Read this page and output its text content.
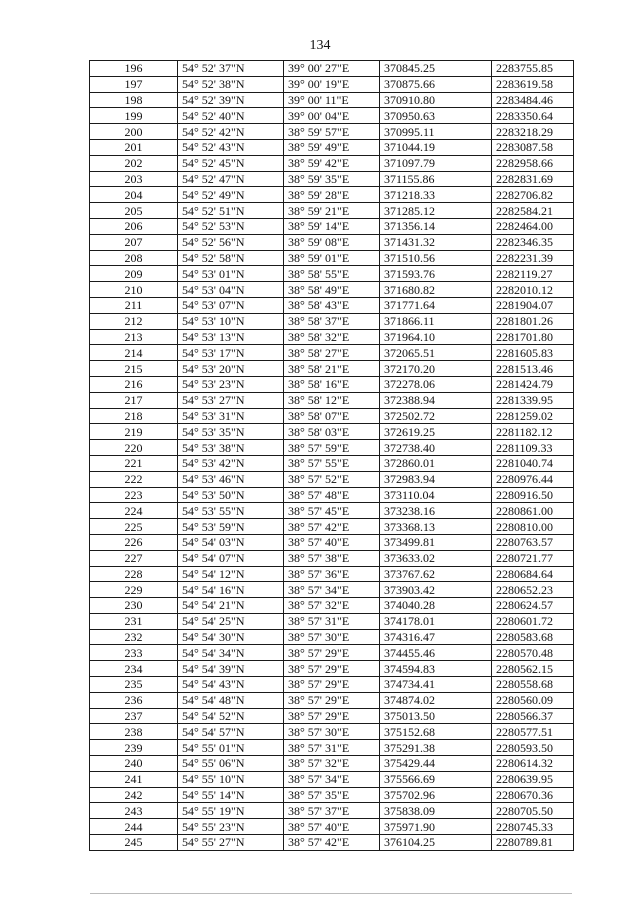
134
196	54° 52' 37"N	39° 00' 27"E	370845.25	2283755.85
197	54° 52' 38"N	39° 00' 19"E	370875.66	2283619.58
198	54° 52' 39"N	39° 00' 11"E	370910.80	2283484.46
199	54° 52' 40"N	39° 00' 04"E	370950.63	2283350.64
200	54° 52' 42"N	38° 59' 57"E	370995.11	2283218.29
201	54° 52' 43"N	38° 59' 49"E	371044.19	2283087.58
202	54° 52' 45"N	38° 59' 42"E	371097.79	2282958.66
203	54° 52' 47"N	38° 59' 35"E	371155.86	2282831.69
204	54° 52' 49"N	38° 59' 28"E	371218.33	2282706.82
205	54° 52' 51"N	38° 59' 21"E	371285.12	2282584.21
206	54° 52' 53"N	38° 59' 14"E	371356.14	2282464.00
207	54° 52' 56"N	38° 59' 08"E	371431.32	2282346.35
208	54° 52' 58"N	38° 59' 01"E	371510.56	2282231.39
209	54° 53' 01"N	38° 58' 55"E	371593.76	2282119.27
210	54° 53' 04"N	38° 58' 49"E	371680.82	2282010.12
211	54° 53' 07"N	38° 58' 43"E	371771.64	2281904.07
212	54° 53' 10"N	38° 58' 37"E	371866.11	2281801.26
213	54° 53' 13"N	38° 58' 32"E	371964.10	2281701.80
214	54° 53' 17"N	38° 58' 27"E	372065.51	2281605.83
215	54° 53' 20"N	38° 58' 21"E	372170.20	2281513.46
216	54° 53' 23"N	38° 58' 16"E	372278.06	2281424.79
217	54° 53' 27"N	38° 58' 12"E	372388.94	2281339.95
218	54° 53' 31"N	38° 58' 07"E	372502.72	2281259.02
219	54° 53' 35"N	38° 58' 03"E	372619.25	2281182.12
220	54° 53' 38"N	38° 57' 59"E	372738.40	2281109.33
221	54° 53' 42"N	38° 57' 55"E	372860.01	2281040.74
222	54° 53' 46"N	38° 57' 52"E	372983.94	2280976.44
223	54° 53' 50"N	38° 57' 48"E	373110.04	2280916.50
224	54° 53' 55"N	38° 57' 45"E	373238.16	2280861.00
225	54° 53' 59"N	38° 57' 42"E	373368.13	2280810.00
226	54° 54' 03"N	38° 57' 40"E	373499.81	2280763.57
227	54° 54' 07"N	38° 57' 38"E	373633.02	2280721.77
228	54° 54' 12"N	38° 57' 36"E	373767.62	2280684.64
229	54° 54' 16"N	38° 57' 34"E	373903.42	2280652.23
230	54° 54' 21"N	38° 57' 32"E	374040.28	2280624.57
231	54° 54' 25"N	38° 57' 31"E	374178.01	2280601.72
232	54° 54' 30"N	38° 57' 30"E	374316.47	2280583.68
233	54° 54' 34"N	38° 57' 29"E	374455.46	2280570.48
234	54° 54' 39"N	38° 57' 29"E	374594.83	2280562.15
235	54° 54' 43"N	38° 57' 29"E	374734.41	2280558.68
236	54° 54' 48"N	38° 57' 29"E	374874.02	2280560.09
237	54° 54' 52"N	38° 57' 29"E	375013.50	2280566.37
238	54° 54' 57"N	38° 57' 30"E	375152.68	2280577.51
239	54° 55' 01"N	38° 57' 31"E	375291.38	2280593.50
240	54° 55' 06"N	38° 57' 32"E	375429.44	2280614.32
241	54° 55' 10"N	38° 57' 34"E	375566.69	2280639.95
242	54° 55' 14"N	38° 57' 35"E	375702.96	2280670.36
243	54° 55' 19"N	38° 57' 37"E	375838.09	2280705.50
244	54° 55' 23"N	38° 57' 40"E	375971.90	2280745.33
245	54° 55' 27"N	38° 57' 42"E	376104.25	2280789.81
